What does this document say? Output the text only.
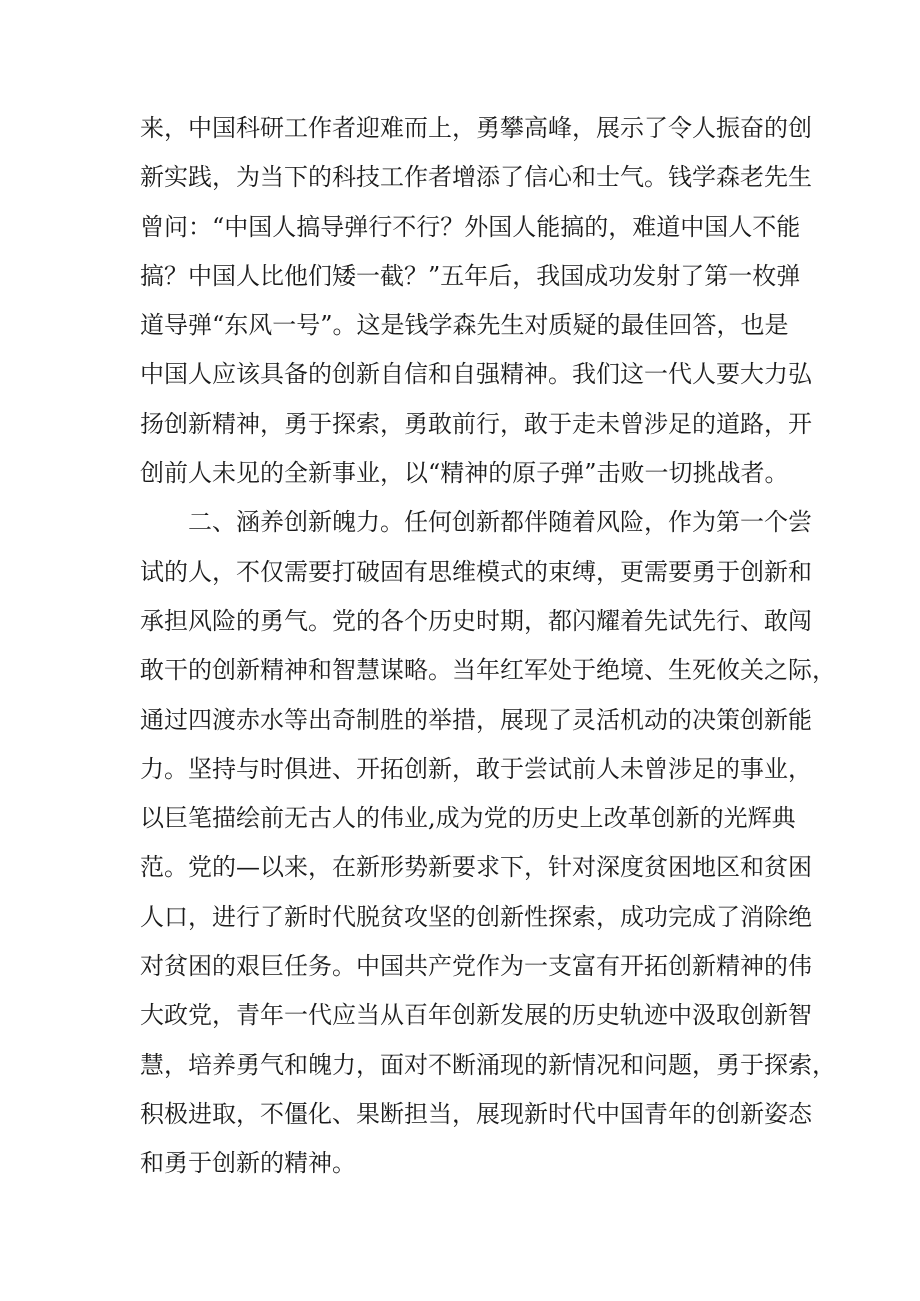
来，中国科研工作者迎难而上，勇攀高峰，展示了令人振奋的创
新实践，为当下的科技工作者增添了信心和士气。钱学森老先生
曾问：“中国人搞导弹行不行？外国人能搞的，难道中国人不能
搞？中国人比他们矮一截？”五年后，我国成功发射了第一枚弹
道导弹“东风一号”。这是钱学森先生对质疑的最佳回答，也是
中国人应该具备的创新自信和自强精神。我们这一代人要大力弘
扬创新精神，勇于探索，勇敢前行，敢于走未曾涉足的道路，开
创前人未见的全新事业，以“精神的原子弹”击败一切挑战者。
二、涵养创新魄力。任何创新都伴随着风险，作为第一个尝
试的人，不仅需要打破固有思维模式的束缚，更需要勇于创新和
承担风险的勇气。党的各个历史时期，都闪耀着先试先行、敢闯
敢干的创新精神和智慧谋略。当年红军处于绝境、生死攸关之际，
通过四渡赤水等出奇制胜的举措，展现了灵活机动的决策创新能
力。坚持与时俱进、开拓创新，敢于尝试前人未曾涉足的事业，
以巨笔描绘前无古人的伟业,成为党的历史上改革创新的光辉典
范。党的—以来，在新形势新要求下，针对深度贫困地区和贫困
人口，进行了新时代脱贫攻坚的创新性探索，成功完成了消除绝
对贫困的艰巨任务。中国共产党作为一支富有开拓创新精神的伟
大政党，青年一代应当从百年创新发展的历史轨迹中汲取创新智
慧，培养勇气和魄力，面对不断涌现的新情况和问题，勇于探索，
积极进取，不僵化、果断担当，展现新时代中国青年的创新姿态
和勇于创新的精神。
